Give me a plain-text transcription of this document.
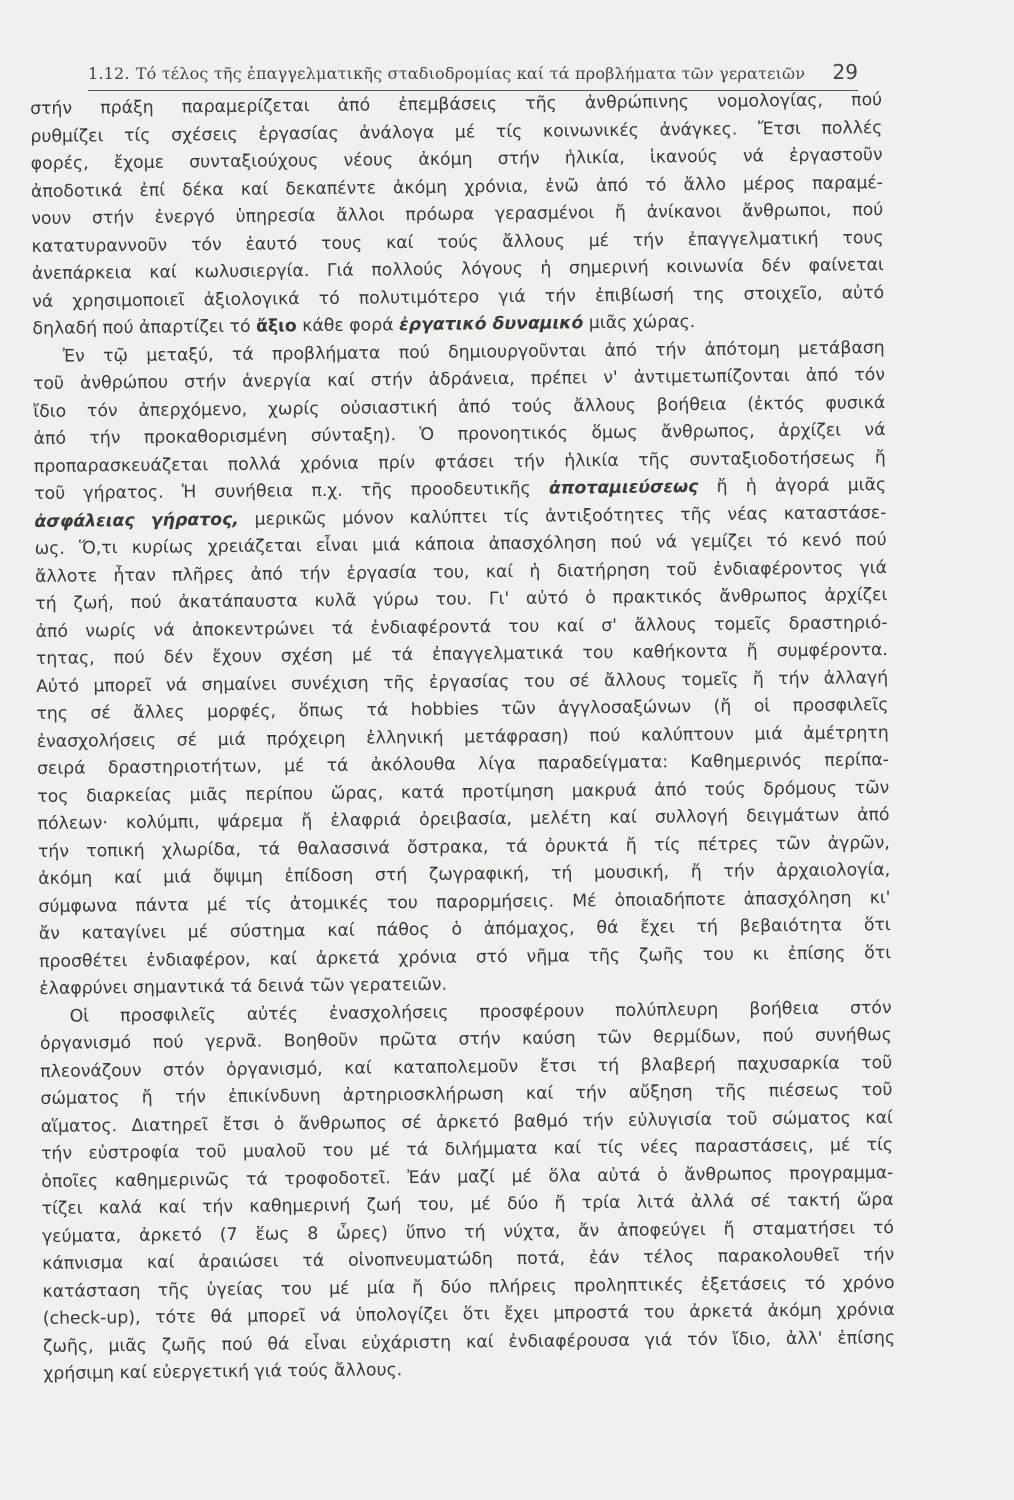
1.12. Τό τέλος τῆς ἐπαγγελματικῆς σταδιοδρομίας καί τά προβλήματα τῶν γερατειῶν 29
στήν πράξη παραμερίζεται ἀπό ἐπεμβάσεις τῆς ἀνθρώπινης νομολογίας, πού
ρυθμίζει τίς σχέσεις ἐργασίας ἀνάλογα μέ τίς κοινωνικές ἀνάγκες. Ἔτσι πολλές
φορές, ἔχομε συνταξιούχους νέους ἀκόμη στήν ἡλικία, ἱκανούς νά ἐργαστοῦν
ἀποδοτικά ἐπί δέκα καί δεκαπέντε ἀκόμη χρόνια, ἐνῶ ἀπό τό ἄλλο μέρος παραμέ-
νουν στήν ἐνεργό ὑπηρεσία ἄλλοι πρόωρα γερασμένοι ἤ ἀνίκανοι ἄνθρωποι, πού
κατατυραννοῦν τόν ἑαυτό τους καί τούς ἄλλους μέ τήν ἐπαγγελματική τους
ἀνεπάρκεια καί κωλυσιεργία. Γιά πολλούς λόγους ἡ σημερινή κοινωνία δέν φαίνεται
νά χρησιμοποιεῖ ἀξιολογικά τό πολυτιμότερο γιά τήν ἐπιβίωσή της στοιχεῖο, αὐτό
δηλαδή πού ἀπαρτίζει τό ἄξιο κάθε φορά ἐργατικό δυναμικό μιᾶς χώρας.
Ἐν τῷ μεταξύ, τά προβλήματα πού δημιουργοῦνται ἀπό τήν ἀπότομη μετάβαση
τοῦ ἀνθρώπου στήν ἀνεργία καί στήν ἀδράνεια, πρέπει ν' ἀντιμετωπίζονται ἀπό τόν
ἴδιο τόν ἀπερχόμενο, χωρίς οὐσιαστική ἀπό τούς ἄλλους βοήθεια (ἐκτός φυσικά
ἀπό τήν προκαθορισμένη σύνταξη). Ὁ προνοητικός ὅμως ἄνθρωπος, ἀρχίζει νά
προπαρασκευάζεται πολλά χρόνια πρίν φτάσει τήν ἡλικία τῆς συνταξιοδοτήσεως ἤ
τοῦ γήρατος. Ἡ συνήθεια π.χ. τῆς προοδευτικῆς ἀποταμιεύσεως ἤ ἡ ἀγορά μιᾶς
ἀσφάλειας γήρατος, μερικῶς μόνον καλύπτει τίς ἀντιξοότητες τῆς νέας καταστάσε-
ως. Ὅ,τι κυρίως χρειάζεται εἶναι μιά κάποια ἀπασχόληση πού νά γεμίζει τό κενό πού
ἄλλοτε ἦταν πλῆρες ἀπό τήν ἐργασία του, καί ἡ διατήρηση τοῦ ἐνδιαφέροντος γιά
τή ζωή, πού ἀκατάπαυστα κυλᾶ γύρω του. Γι' αὐτό ὁ πρακτικός ἄνθρωπος ἀρχίζει
ἀπό νωρίς νά ἀποκεντρώνει τά ἐνδιαφέροντά του καί σ' ἄλλους τομεῖς δραστηριό-
τητας, πού δέν ἔχουν σχέση μέ τά ἐπαγγελματικά του καθήκοντα ἤ συμφέροντα.
Αὐτό μπορεῖ νά σημαίνει συνέχιση τῆς ἐργασίας του σέ ἄλλους τομεῖς ἤ τήν ἀλλαγή
της σέ ἄλλες μορφές, ὅπως τά hobbies τῶν ἀγγλοσαξώνων (ἤ οἱ προσφιλεῖς
ἐνασχολήσεις σέ μιά πρόχειρη ἑλληνική μετάφραση) πού καλύπτουν μιά ἀμέτρητη
σειρά δραστηριοτήτων, μέ τά ἀκόλουθα λίγα παραδείγματα: Καθημερινός περίπα-
τος διαρκείας μιᾶς περίπου ὥρας, κατά προτίμηση μακρυά ἀπό τούς δρόμους τῶν
πόλεων· κολύμπι, ψάρεμα ἤ ἐλαφριά ὀρειβασία, μελέτη καί συλλογή δειγμάτων ἀπό
τήν τοπική χλωρίδα, τά θαλασσινά ὄστρακα, τά ὀρυκτά ἤ τίς πέτρες τῶν ἀγρῶν,
ἀκόμη καί μιά ὄψιμη ἐπίδοση στή ζωγραφική, τή μουσική, ἤ τήν ἀρχαιολογία,
σύμφωνα πάντα μέ τίς ἀτομικές του παρορμήσεις. Μέ ὁποιαδήποτε ἀπασχόληση κι'
ἄν καταγίνει μέ σύστημα καί πάθος ὁ ἀπόμαχος, θά ἔχει τή βεβαιότητα ὅτι
προσθέτει ἐνδιαφέρον, καί ἀρκετά χρόνια στό νῆμα τῆς ζωῆς του κι ἐπίσης ὅτι
ἐλαφρύνει σημαντικά τά δεινά τῶν γερατειῶν.
Οἱ προσφιλεῖς αὐτές ἐνασχολήσεις προσφέρουν πολύπλευρη βοήθεια στόν
ὀργανισμό πού γερνᾶ. Βοηθοῦν πρῶτα στήν καύση τῶν θερμίδων, πού συνήθως
πλεονάζουν στόν ὀργανισμό, καί καταπολεμοῦν ἔτσι τή βλαβερή παχυσαρκία τοῦ
σώματος ἤ τήν ἐπικίνδυνη ἀρτηριοσκλήρωση καί τήν αὔξηση τῆς πιέσεως τοῦ
αἵματος. Διατηρεῖ ἔτσι ὁ ἄνθρωπος σέ ἀρκετό βαθμό τήν εὐλυγισία τοῦ σώματος καί
τήν εὐστροφία τοῦ μυαλοῦ του μέ τά διλήμματα καί τίς νέες παραστάσεις, μέ τίς
ὁποῖες καθημερινῶς τά τροφοδοτεῖ. Ἐάν μαζί μέ ὅλα αὐτά ὁ ἄνθρωπος προγραμμα-
τίζει καλά καί τήν καθημερινή ζωή του, μέ δύο ἤ τρία λιτά ἀλλά σέ τακτή ὥρα
γεύματα, ἀρκετό (7 ἕως 8 ὧρες) ὕπνο τή νύχτα, ἄν ἀποφεύγει ἤ σταματήσει τό
κάπνισμα καί ἀραιώσει τά οἰνοπνευματώδη ποτά, ἐάν τέλος παρακολουθεῖ τήν
κατάσταση τῆς ὑγείας του μέ μία ἤ δύο πλήρεις προληπτικές ἐξετάσεις τό χρόνο
(check-up), τότε θά μπορεῖ νά ὑπολογίζει ὅτι ἔχει μπροστά του ἀρκετά ἀκόμη χρόνια
ζωῆς, μιᾶς ζωῆς πού θά εἶναι εὐχάριστη καί ἐνδιαφέρουσα γιά τόν ἴδιο, ἀλλ' ἐπίσης
χρήσιμη καί εὐεργετική γιά τούς ἄλλους.
